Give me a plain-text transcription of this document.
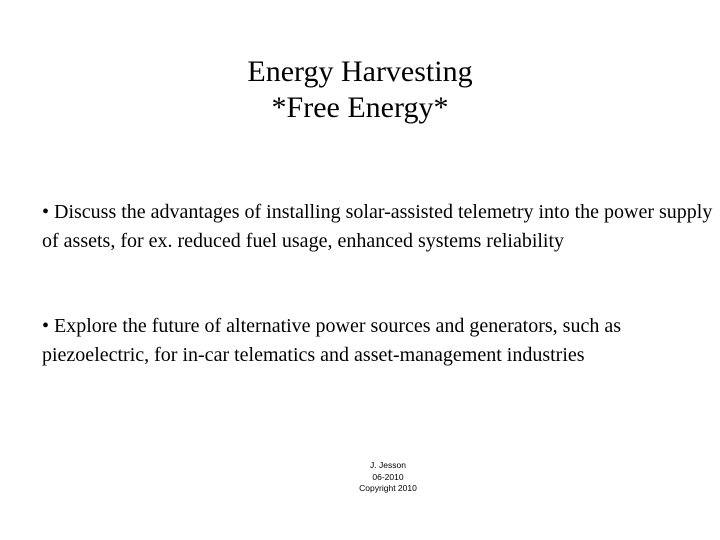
Energy Harvesting
*Free Energy*
• Discuss the advantages of installing solar-assisted telemetry into the power supply of assets, for ex. reduced fuel usage, enhanced systems reliability
• Explore the future of alternative power sources and generators, such as piezoelectric, for in-car telematics and asset-management industries
J. Jesson
06-2010
Copyright 2010
